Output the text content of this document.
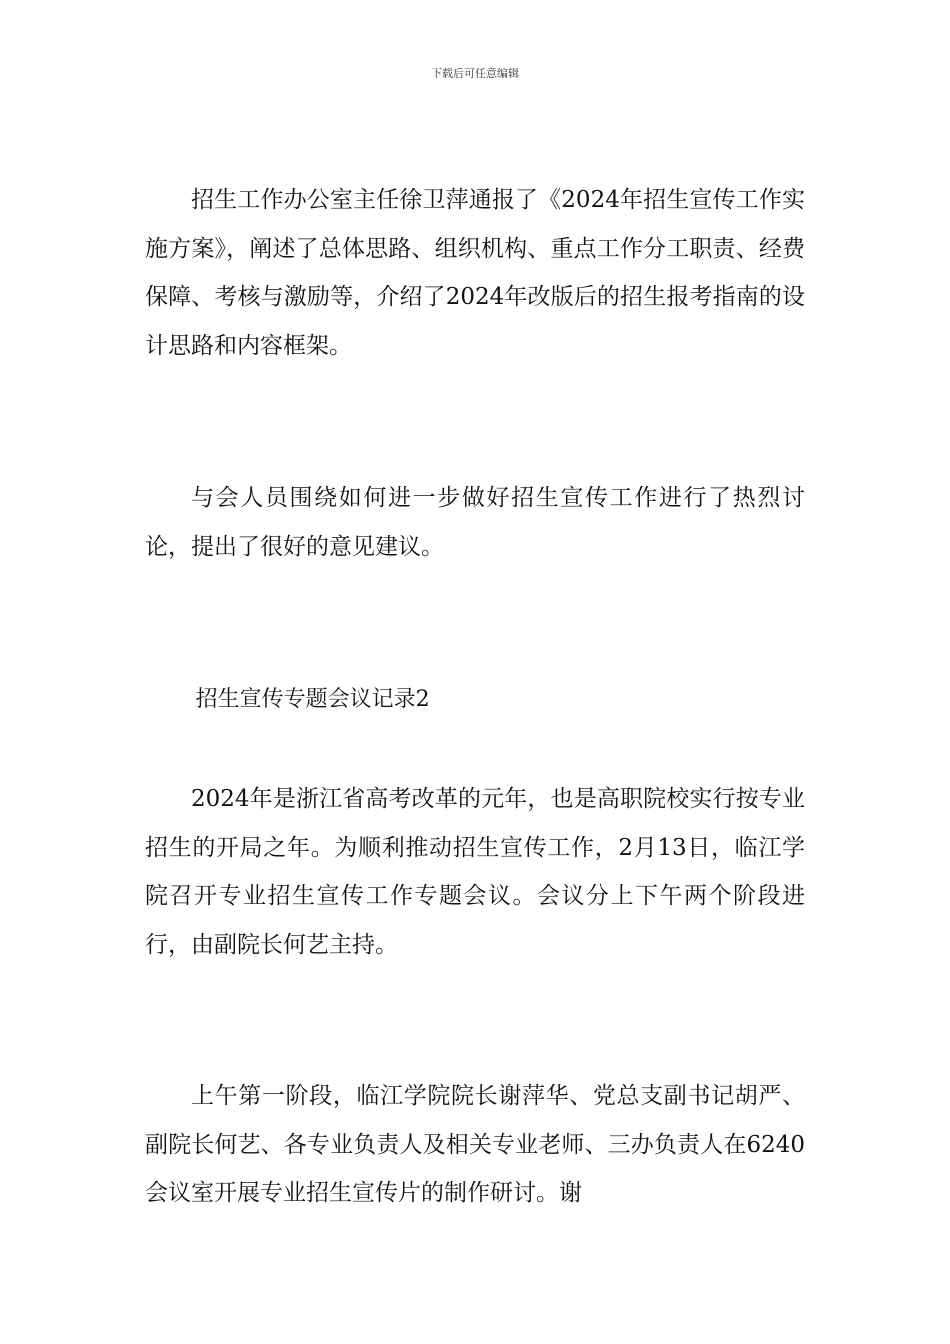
下载后可任意编辑

招生工作办公室主任徐卫萍通报了《2024年招生宣传工作实施方案》，阐述了总体思路、组织机构、重点工作分工职责、经费保障、考核与激励等，介绍了2024年改版后的招生报考指南的设计思路和内容框架。

与会人员围绕如何进一步做好招生宣传工作进行了热烈讨论，提出了很好的意见建议。

招生宣传专题会议记录2

2024年是浙江省高考改革的元年，也是高职院校实行按专业招生的开局之年。为顺利推动招生宣传工作，2月13日，临江学院召开专业招生宣传工作专题会议。会议分上下午两个阶段进行，由副院长何艺主持。

上午第一阶段，临江学院院长谢萍华、党总支副书记胡严、副院长何艺、各专业负责人及相关专业老师、三办负责人在6240会议室开展专业招生宣传片的制作研讨。谢
